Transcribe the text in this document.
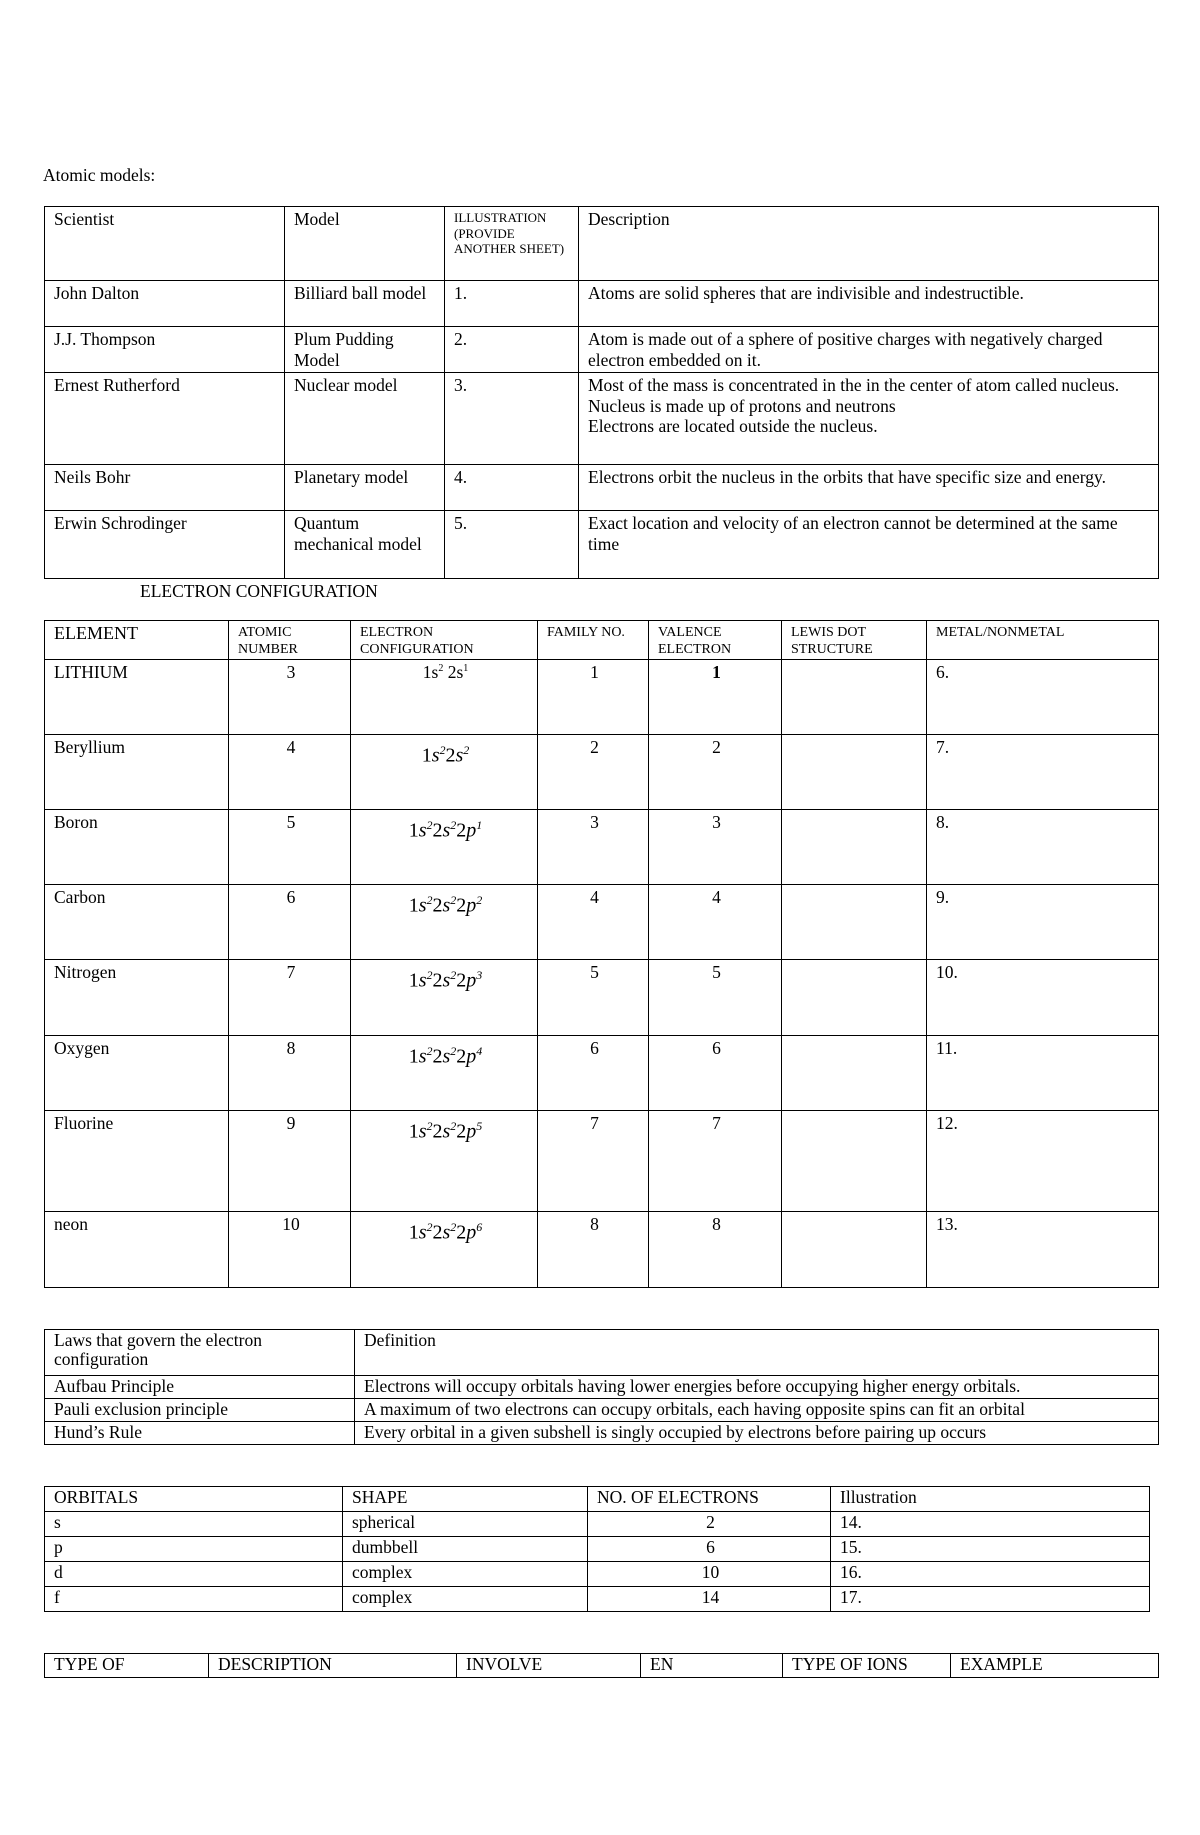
Atomic models:
Scientist	Model	ILLUSTRATION (PROVIDE ANOTHER SHEET)	Description
John Dalton	Billiard ball model	1.	Atoms are solid spheres that are indivisible and indestructible.
J.J. Thompson	Plum Pudding Model	2.	Atom is made out of a sphere of positive charges with negatively charged electron embedded on it.
Ernest Rutherford	Nuclear model	3.	Most of the mass is concentrated in the in the center of atom called nucleus.
Nucleus is made up of protons and neutrons
Electrons are located outside the nucleus.

Neils Bohr	Planetary model	4.	Electrons orbit the nucleus in the orbits that have specific size and energy.
Erwin Schrodinger	Quantum mechanical model	5.	Exact location and velocity of an electron cannot be determined at the same time
ELECTRON CONFIGURATION
ELEMENT	ATOMIC NUMBER	ELECTRON CONFIGURATION	FAMILY NO.	VALENCE ELECTRON	LEWIS DOT STRUCTURE	METAL/NONMETAL
LITHIUM	3	$1s^2$ $2s^1$	1	1		6.
Beryllium	4	$1s^22s^2$	2	2		7.
Boron	5	$1s^22s^22p^1$	3	3		8.
Carbon	6	$1s^22s^22p^2$	4	4		9.
Nitrogen	7	$1s^22s^22p^3$	5	5		10.
Oxygen	8	$1s^22s^22p^4$	6	6		11.
Fluorine	9	$1s^22s^22p^5$	7	7		12.
neon	10	$1s^22s^22p^6$	8	8		13.
Laws that govern the electron configuration	Definition
Aufbau Principle	Electrons will occupy orbitals having lower energies before occupying higher energy orbitals.
Pauli exclusion principle	A maximum of two electrons can occupy orbitals, each having opposite spins can fit an orbital
Hund’s Rule	Every orbital in a given subshell is singly occupied by electrons before pairing up occurs
ORBITALS	SHAPE	NO. OF ELECTRONS	Illustration
s	spherical	2	14.
p	dumbbell	6	15.
d	complex	10	16.
f	complex	14	17.
TYPE OF	DESCRIPTION	INVOLVE	EN	TYPE OF IONS	EXAMPLE
